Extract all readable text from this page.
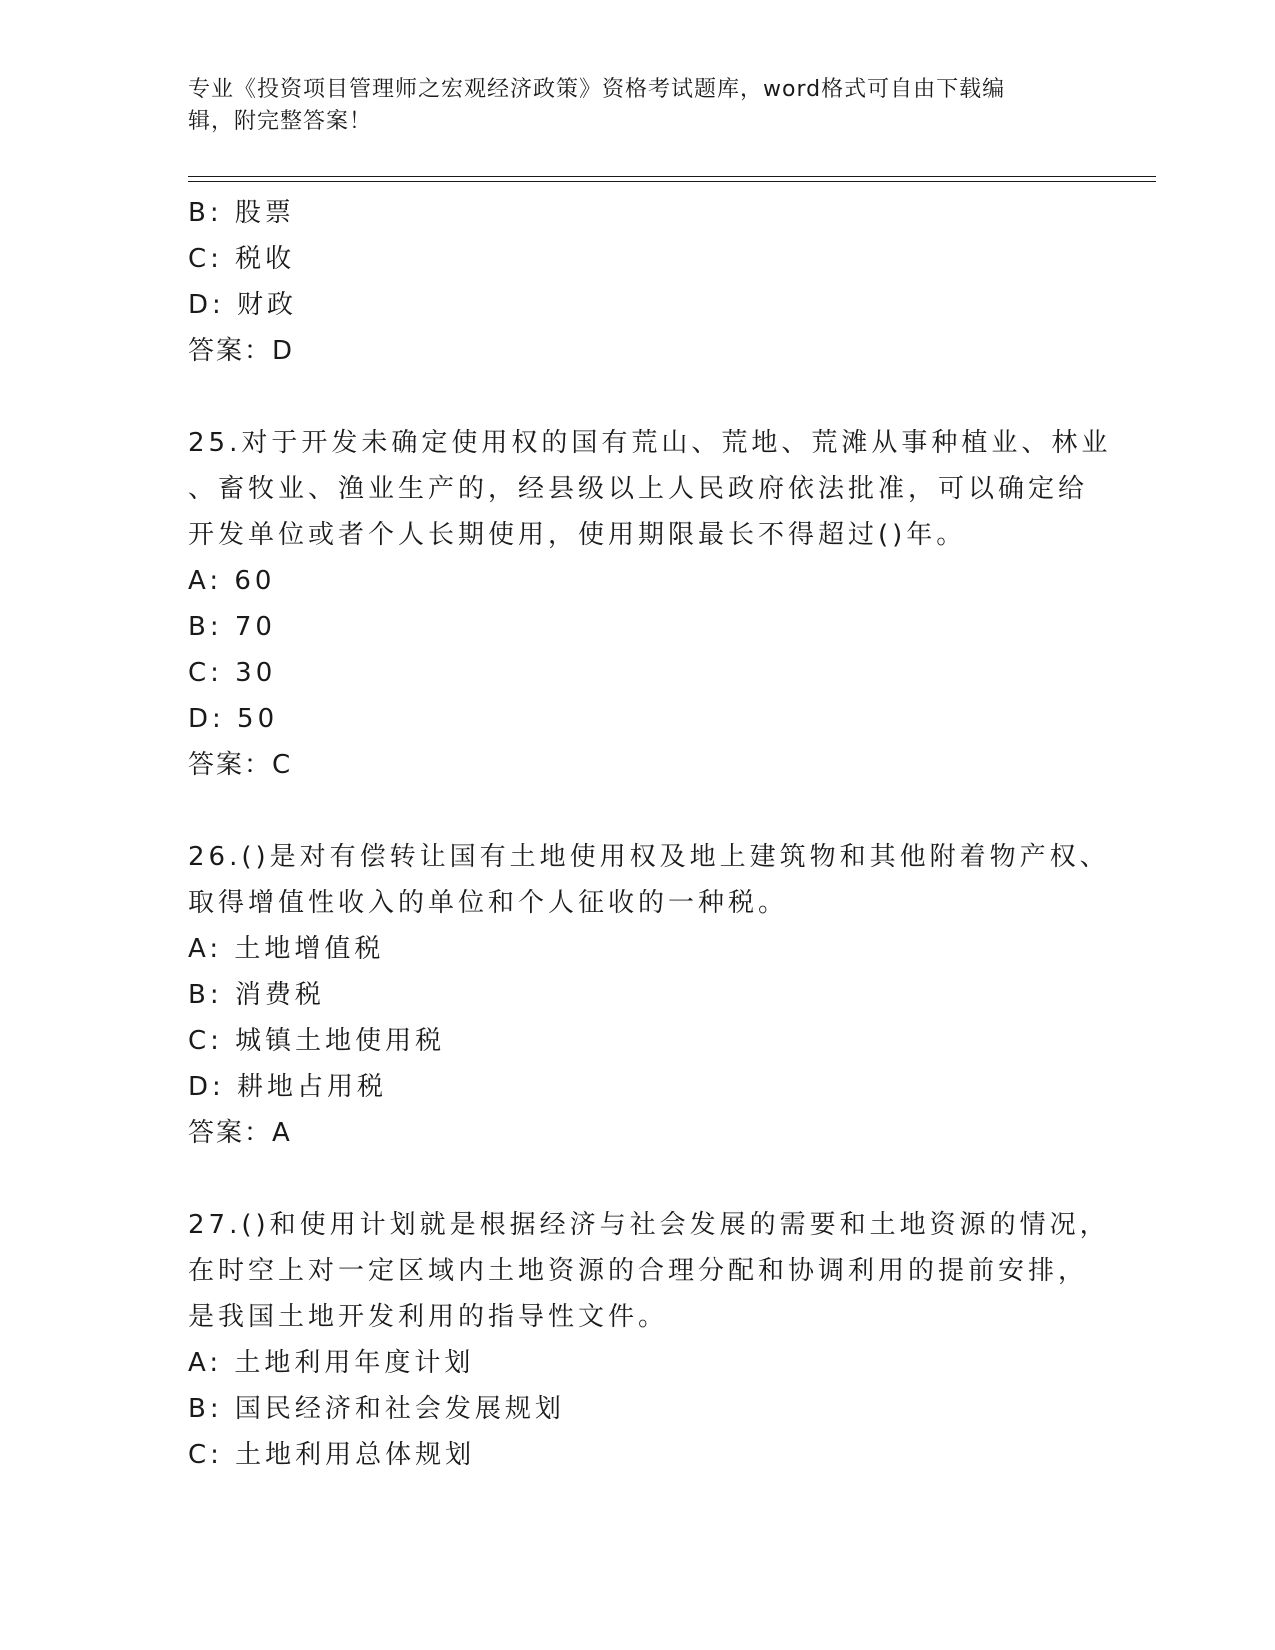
专业《投资项目管理师之宏观经济政策》资格考试题库，word格式可自由下载编
辑，附完整答案！
B: 股票
C: 税收
D: 财政
答案：D
25.对于开发未确定使用权的国有荒山、荒地、荒滩从事种植业、林业
、畜牧业、渔业生产的，经县级以上人民政府依法批准，可以确定给
开发单位或者个人长期使用，使用期限最长不得超过()年。
A: 60
B: 70
C: 30
D: 50
答案：C
26.()是对有偿转让国有土地使用权及地上建筑物和其他附着物产权、
取得增值性收入的单位和个人征收的一种税。
A: 土地增值税
B: 消费税
C: 城镇土地使用税
D: 耕地占用税
答案：A
27.()和使用计划就是根据经济与社会发展的需要和土地资源的情况，
在时空上对一定区域内土地资源的合理分配和协调利用的提前安排，
是我国土地开发利用的指导性文件。
A: 土地利用年度计划
B: 国民经济和社会发展规划
C: 土地利用总体规划
